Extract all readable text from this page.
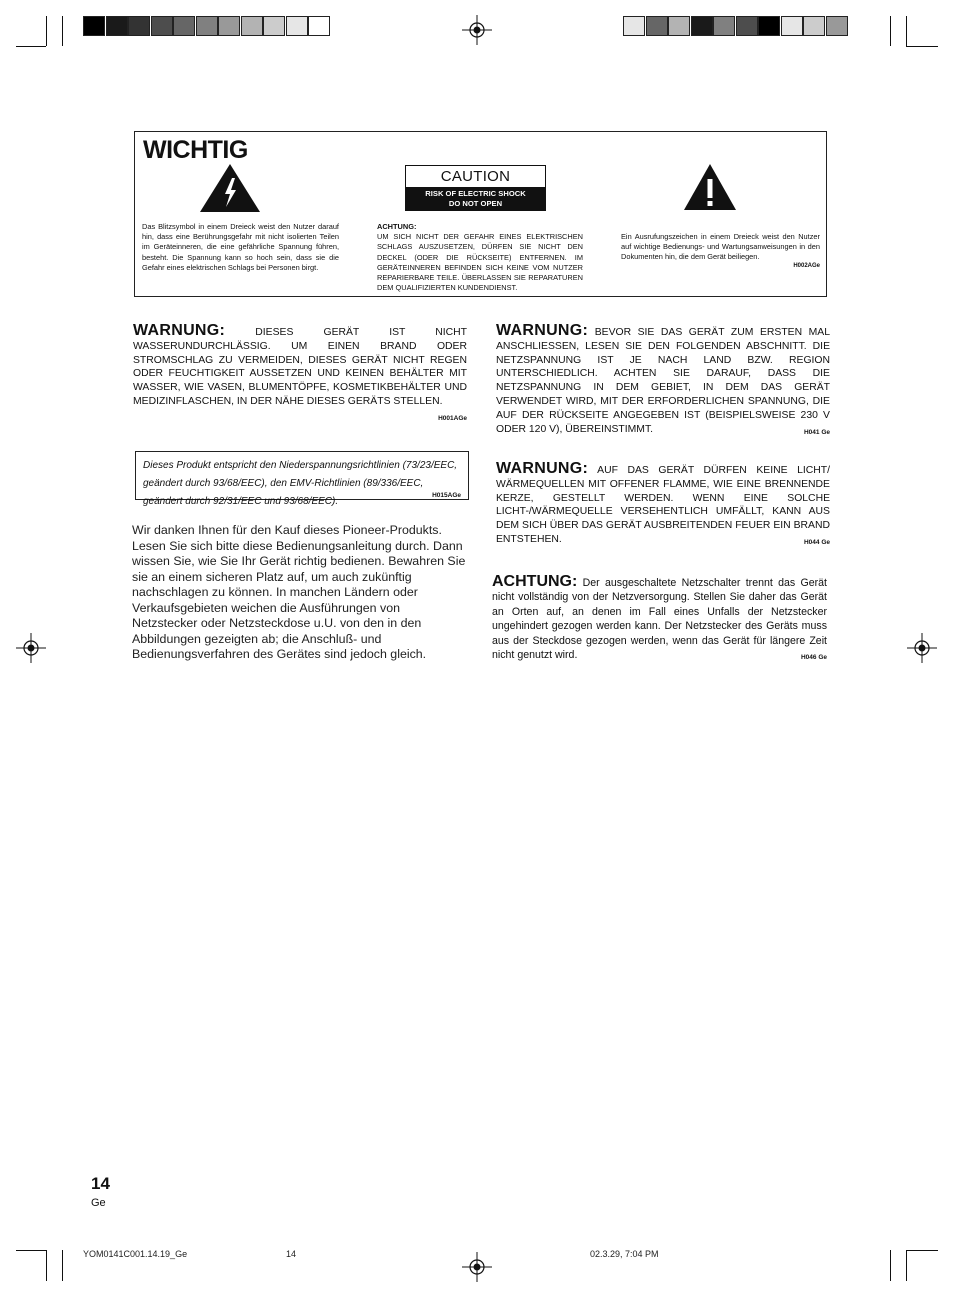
WICHTIG
CAUTION
RISK OF ELECTRIC SHOCK
DO NOT OPEN
Das Blitzsymbol in einem Dreieck weist den Nutzer darauf hin, dass eine Berührungsgefahr mit nicht isolierten Teilen im Geräteinneren, die eine gefährliche Spannung führen, besteht. Die Spannung kann so hoch sein, dass sie die Gefahr eines elektrischen Schlags bei Personen birgt.
ACHTUNG:
UM SICH NICHT DER GEFAHR EINES ELEKTRISCHEN SCHLAGS AUSZUSETZEN, DÜRFEN SIE NICHT DEN DECKEL (ODER DIE RÜCKSEITE) ENTFERNEN. IM GERÄTEINNEREN BEFINDEN SICH KEINE VOM NUTZER REPARIERBARE TEILE. ÜBERLASSEN SIE REPARATUREN DEM QUALIFIZIERTEN KUNDENDIENST.
Ein Ausrufungszeichen in einem Dreieck weist den Nutzer auf wichtige Bedienungs- und Wartungsanweisungen in den Dokumenten hin, die dem Gerät beiliegen.
H002AGe
WARNUNG:	DIESES GERÄT IST NICHT WASSERUNDURCHLÄSSIG. UM EINEN BRAND ODER STROMSCHLAG ZU VERMEIDEN, DIESES GERÄT NICHT REGEN ODER FEUCHTIGKEIT AUSSETZEN UND KEINEN BEHÄLTER MIT WASSER, WIE VASEN, BLUMENTÖPFE, KOSMETIKBEHÄLTER UND MEDIZINFLASCHEN, IN DER NÄHE DIESES GERÄTS STELLEN.
H001AGe
Dieses Produkt entspricht den Niederspannungsrichtlinien (73/23/EEC, geändert durch 93/68/EEC), den EMV-Richtlinien (89/336/EEC, geändert durch 92/31/EEC und 93/68/EEC).
H015AGe
Wir danken Ihnen für den Kauf dieses Pioneer-Produkts. Lesen Sie sich bitte diese Bedienungsanleitung durch. Dann wissen Sie, wie Sie Ihr Gerät richtig bedienen. Bewahren Sie sie an einem sicheren Platz auf, um auch zukünftig nachschlagen zu können. In manchen Ländern oder Verkaufsgebieten weichen die Ausführungen von Netzstecker oder Netzsteckdose u.U. von den in den Abbildungen gezeigten ab; die Anschluß- und Bedienungsverfahren des Gerätes sind jedoch gleich.
WARNUNG: BEVOR SIE DAS GERÄT ZUM ERSTEN MAL ANSCHLIESSEN, LESEN SIE DEN FOLGENDEN ABSCHNITT. DIE NETZSPANNUNG IST JE NACH LAND BZW. REGION UNTERSCHIEDLICH. ACHTEN SIE DARAUF, DASS DIE NETZSPANNUNG IN DEM GEBIET, IN DEM DAS GERÄT VERWENDET WIRD, MIT DER ERFORDERLICHEN SPANNUNG, DIE AUF DER RÜCKSEITE ANGEGEBEN IST (BEISPIELSWEISE 230 V ODER 120 V), ÜBEREINSTIMMT.	H041 Ge
WARNUNG: AUF DAS GERÄT DÜRFEN KEINE LICHT/ WÄRMEQUELLEN MIT OFFENER FLAMME, WIE EINE BRENNENDE KERZE, GESTELLT WERDEN. WENN EINE SOLCHE LICHT-/WÄRMEQUELLE VERSEHENTLICH UMFÄLLT, KANN AUS DEM SICH ÜBER DAS GERÄT AUSBREITENDEN FEUER EIN BRAND ENTSTEHEN.	H044 Ge
ACHTUNG: Der ausgeschaltete Netzschalter trennt das Gerät nicht vollständig von der Netzversorgung. Stellen Sie daher das Gerät an Orten auf, an denen im Fall eines Unfalls der Netzstecker ungehindert gezogen werden kann. Der Netzstecker des Geräts muss aus der Steckdose gezogen werden, wenn das Gerät für längere Zeit nicht genutzt wird.	H046 Ge
14
Ge
YOM0141C001.14.19_Ge	14	02.3.29, 7:04 PM
